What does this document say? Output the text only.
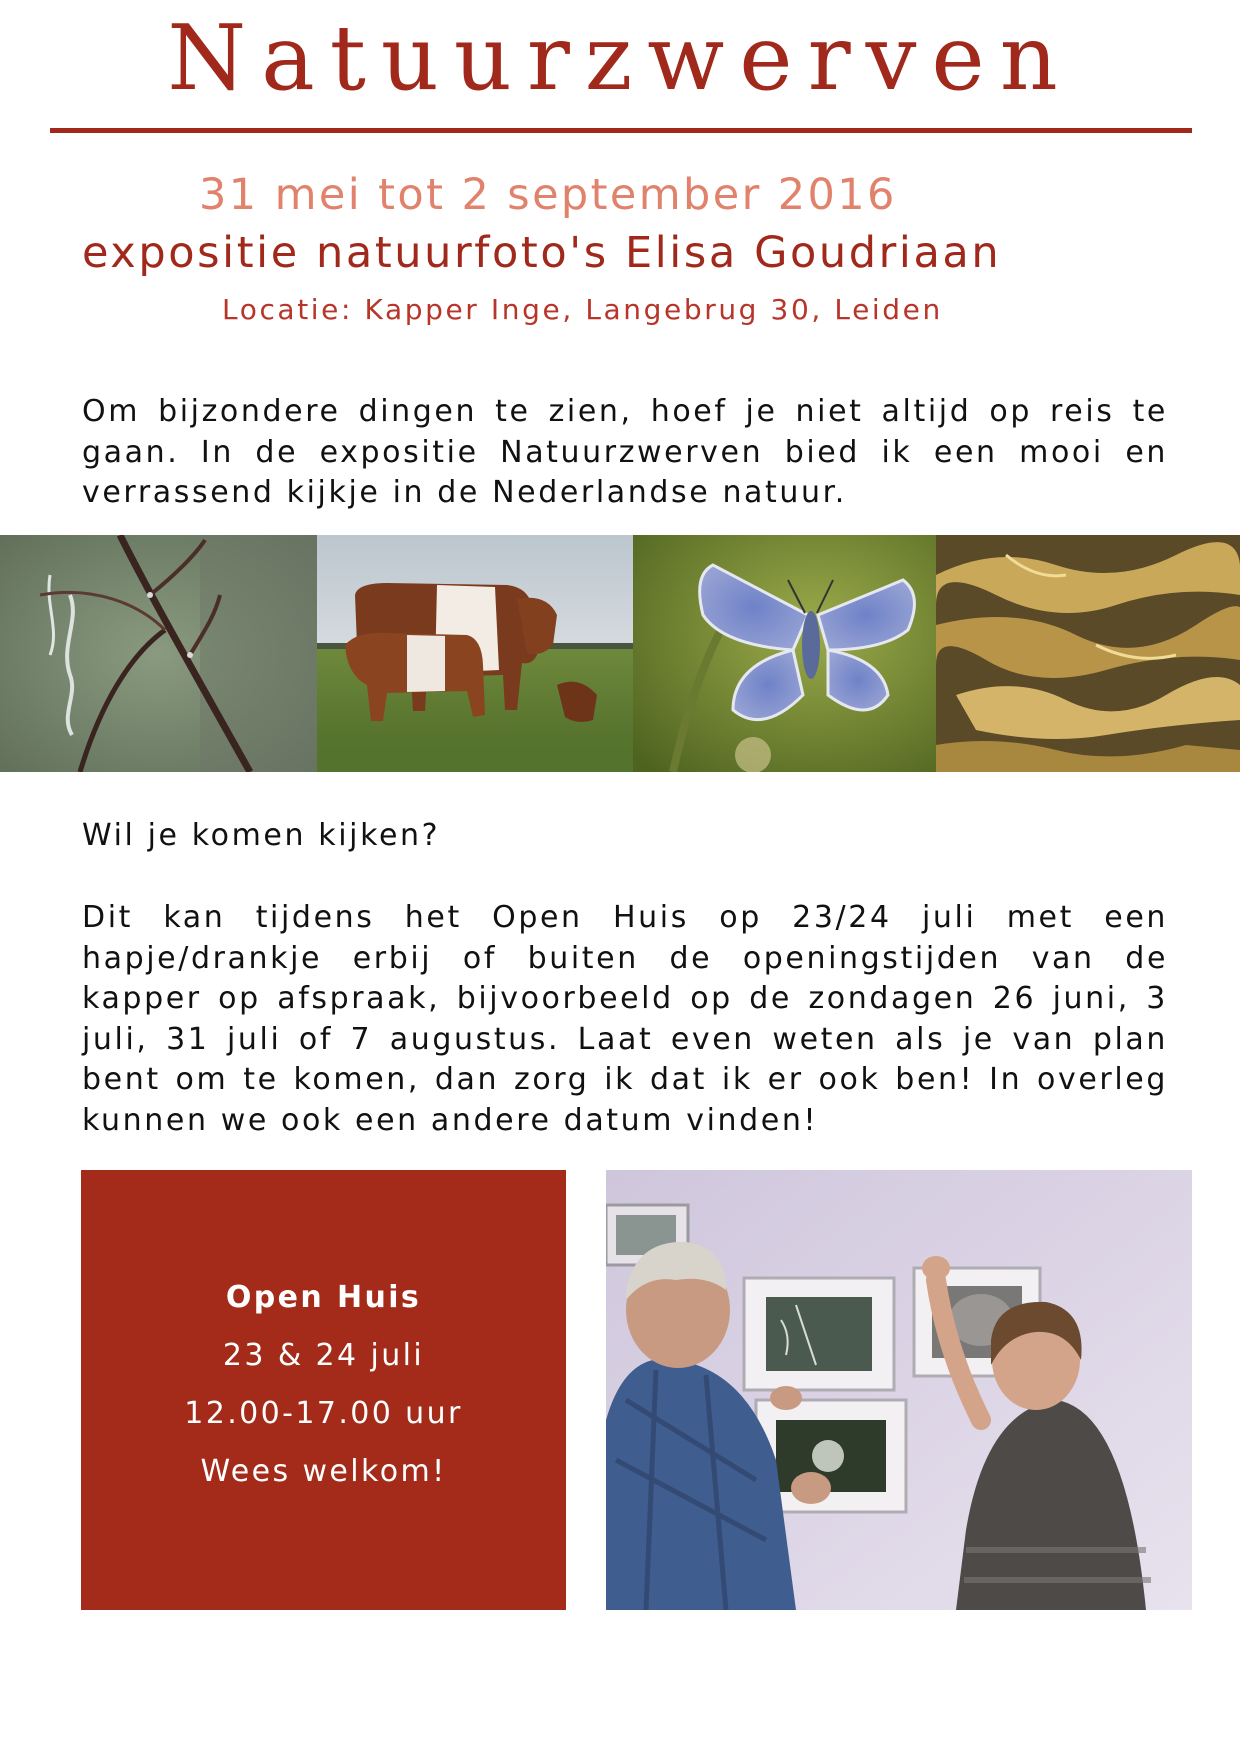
Natuurzwerven
31 mei tot 2 september 2016
expositie natuurfoto's Elisa Goudriaan
Locatie: Kapper Inge, Langebrug 30, Leiden

Om bijzondere dingen te zien, hoef je niet altijd op reis te gaan. In de expositie Natuurzwerven bied ik een mooi en verrassend kijkje in de Nederlandse natuur.

Wil je komen kijken?

Dit kan tijdens het Open Huis op 23/24 juli met een hapje/drankje erbij of buiten de openingstijden van de kapper op afspraak, bijvoorbeeld op de zondagen 26 juni, 3 juli, 31 juli of 7 augustus. Laat even weten als je van plan bent om te komen, dan zorg ik dat ik er ook ben! In overleg kunnen we ook een andere datum vinden!

Open Huis
23 & 24 juli
12.00-17.00 uur
Wees welkom!
